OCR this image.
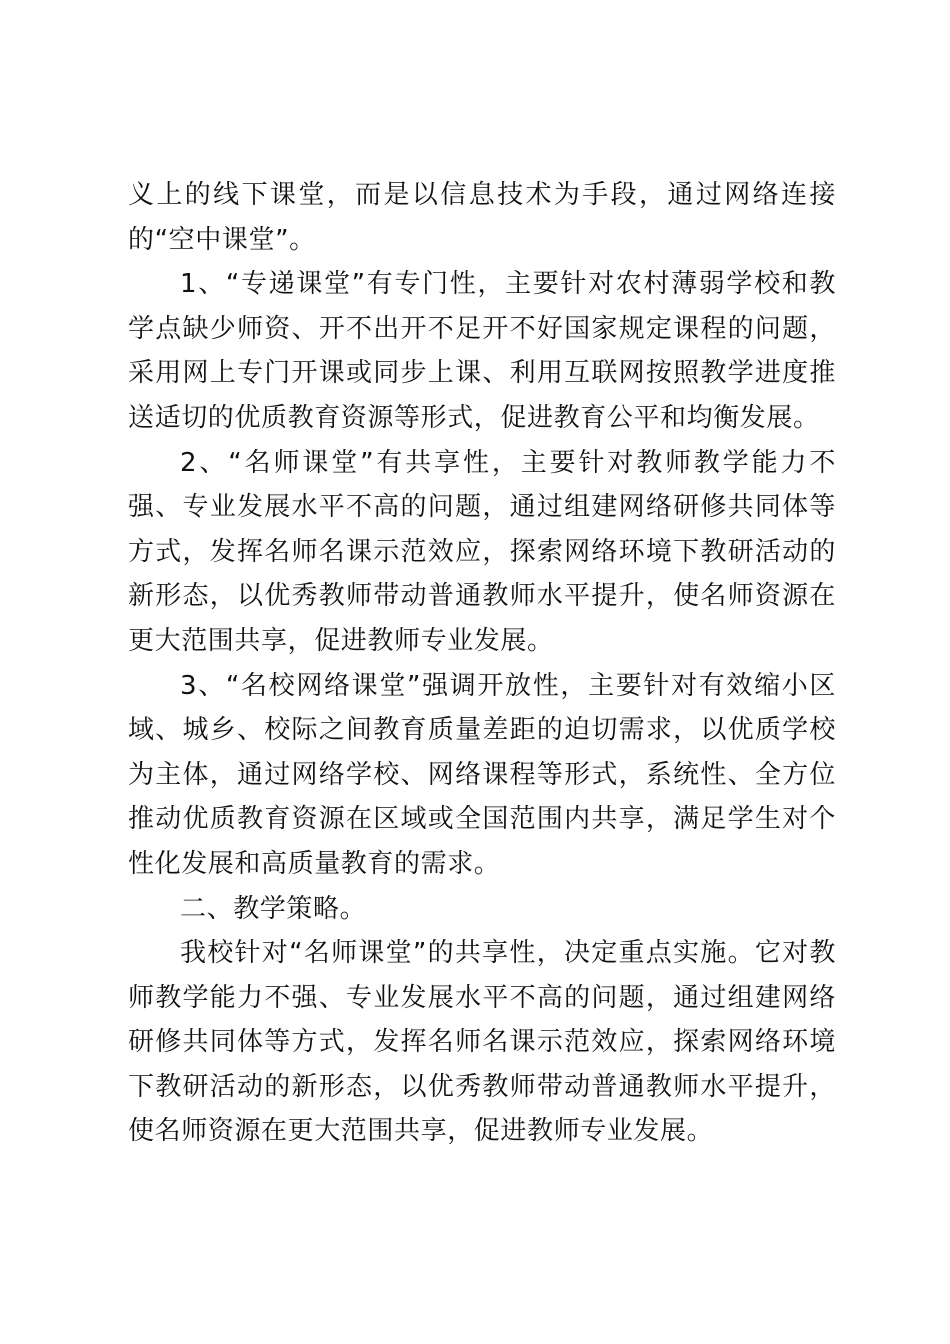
义上的线下课堂，而是以信息技术为手段，通过网络连接的“空中课堂”。

1、“专递课堂”有专门性，主要针对农村薄弱学校和教学点缺少师资、开不出开不足开不好国家规定课程的问题，采用网上专门开课或同步上课、利用互联网按照教学进度推送适切的优质教育资源等形式，促进教育公平和均衡发展。

2、“名师课堂”有共享性，主要针对教师教学能力不强、专业发展水平不高的问题，通过组建网络研修共同体等方式，发挥名师名课示范效应，探索网络环境下教研活动的新形态，以优秀教师带动普通教师水平提升，使名师资源在更大范围共享，促进教师专业发展。

3、“名校网络课堂”强调开放性，主要针对有效缩小区域、城乡、校际之间教育质量差距的迫切需求，以优质学校为主体，通过网络学校、网络课程等形式，系统性、全方位推动优质教育资源在区域或全国范围内共享，满足学生对个性化发展和高质量教育的需求。

二、教学策略。

我校针对“名师课堂”的共享性，决定重点实施。它对教师教学能力不强、专业发展水平不高的问题，通过组建网络研修共同体等方式，发挥名师名课示范效应，探索网络环境下教研活动的新形态，以优秀教师带动普通教师水平提升，使名师资源在更大范围共享，促进教师专业发展。
